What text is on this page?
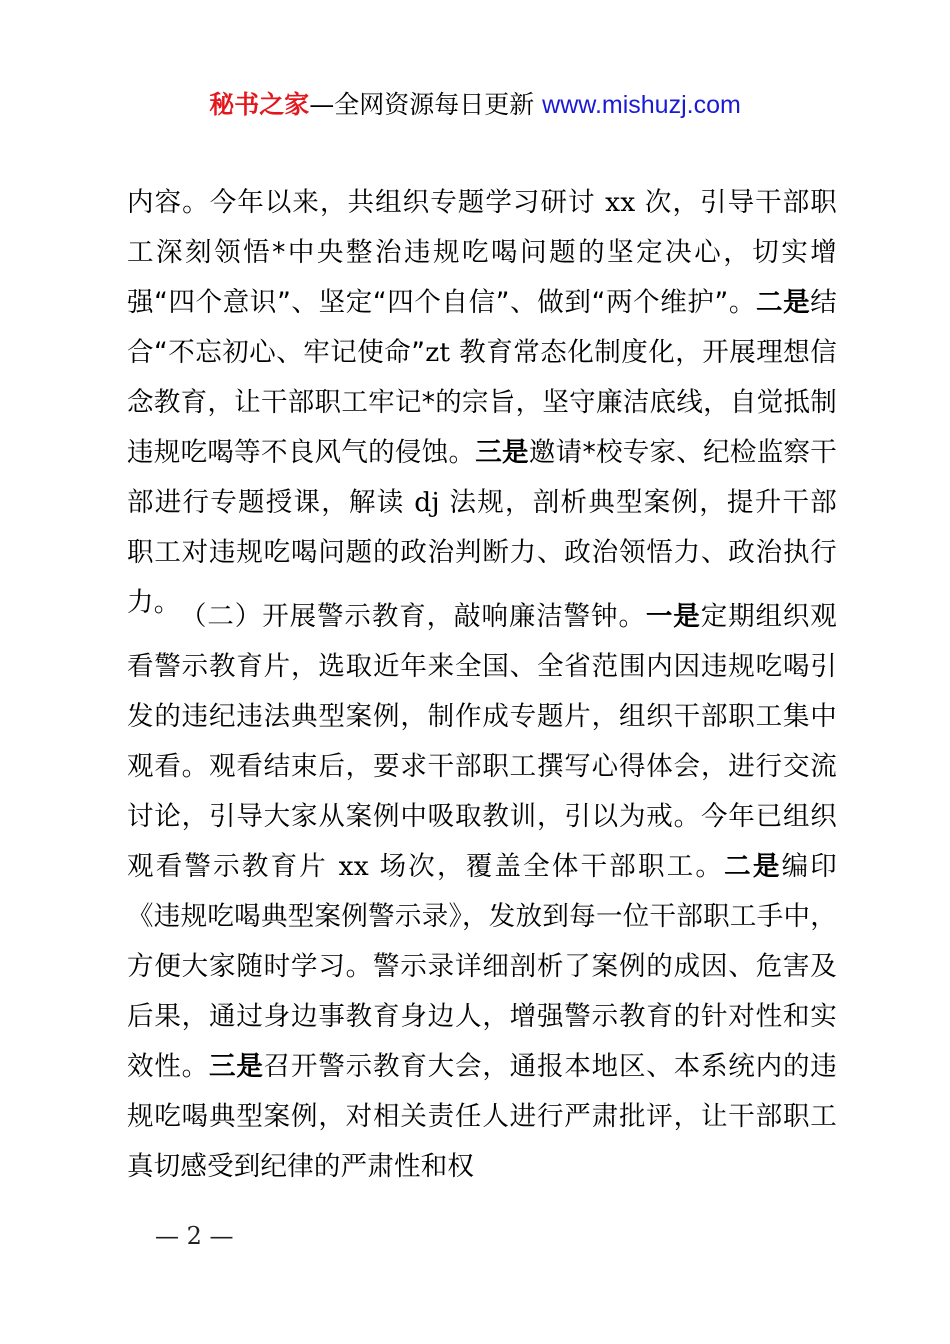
秘书之家—全网资源每日更新 www.mishuzj.com

内容。今年以来，共组织专题学习研讨 xx 次，引导干部职工深刻领悟*中央整治违规吃喝问题的坚定决心，切实增强“四个意识”、坚定“四个自信”、做到“两个维护”。二是结合“不忘初心、牢记使命”zt 教育常态化制度化，开展理想信念教育，让干部职工牢记*的宗旨，坚守廉洁底线，自觉抵制违规吃喝等不良风气的侵蚀。三是邀请*校专家、纪检监察干部进行专题授课，解读 dj 法规，剖析典型案例，提升干部职工对违规吃喝问题的政治判断力、政治领悟力、政治执行力。 （二）开展警示教育，敲响廉洁警钟。一是定期组织观看警示教育片，选取近年来全国、全省范围内因违规吃喝引发的违纪违法典型案例，制作成专题片，组织干部职工集中观看。观看结束后，要求干部职工撰写心得体会，进行交流讨论，引导大家从案例中吸取教训，引以为戒。今年已组织观看警示教育片 xx 场次，覆盖全体干部职工。二是编印《违规吃喝典型案例警示录》，发放到每一位干部职工手中，方便大家随时学习。警示录详细剖析了案例的成因、危害及后果，通过身边事教育身边人，增强警示教育的针对性和实效性。三是召开警示教育大会，通报本地区、本系统内的违规吃喝典型案例，对相关责任人进行严肃批评，让干部职工真切感受到纪律的严肃性和权

— 2 —
